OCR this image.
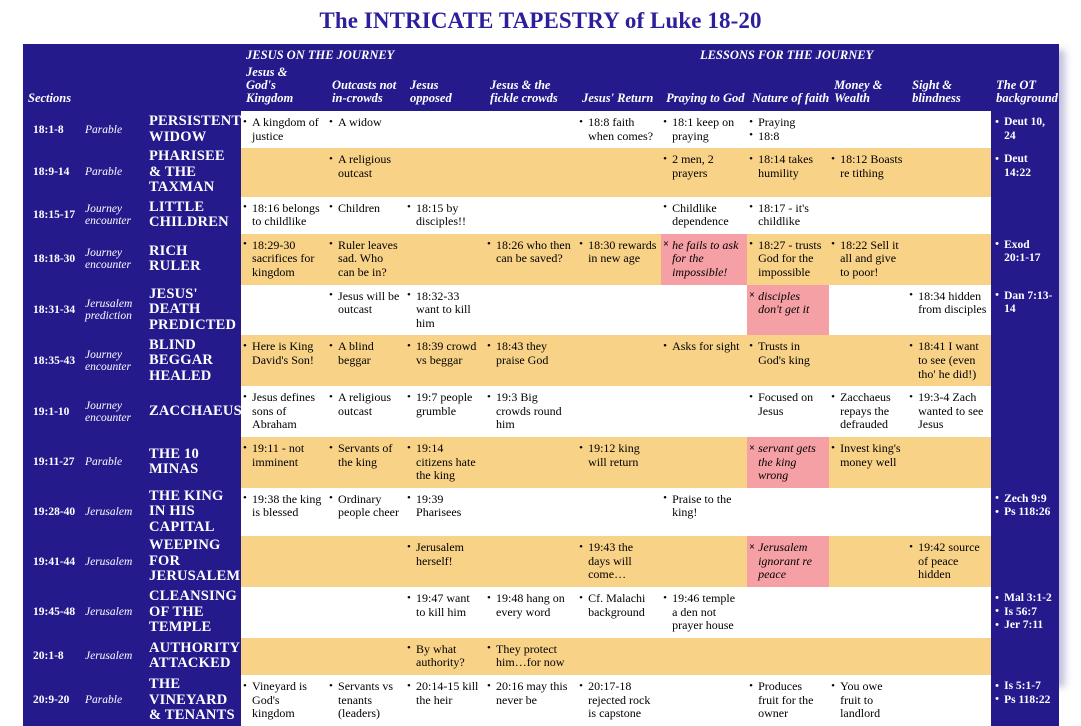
The INTRICATE TAPESTRY of Luke 18-20
			JESUS ON THE JOURNEY				LESSONS FOR THE JOURNEY					
Sections			Jesus &
God's Kingdom	Outcasts not
in-crowds	Jesus
opposed	Jesus & the
fickle crowds	Jesus' Return	Praying to God	Nature of faith	Money &
Wealth	Sight &
blindness	The OT
background
18:1-8	Parable	PERSISTENT WIDOW	• A kingdom of justice	• A widow			• 18:8 faith when comes?	• 18:1 keep on praying	• Praying
• 18:8			• Deut 10, 24

18:9-14	Parable	PHARISEE & THE TAXMAN		• A religious outcast				• 2 men, 2 prayers	• 18:14 takes humility	• 18:12 Boasts re tithing		• Deut 14:22

18:15-17	Journey encounter	LITTLE CHILDREN	• 18:16 belongs to childlike	• Children	• 18:15 by disciples!!			• Childlike dependence	• 18:17 - it's childlike

18:18-30	Journey encounter	RICH RULER	• 18:29-30 sacrifices for kingdom	• Ruler leaves sad. Who can be in?		• 18:26 who then can be saved?	• 18:30 rewards in new age	× he fails to ask for the impossible!	• 18:27 - trusts God for the impossible	• 18:22 Sell it all and give to poor!		• Exod 20:1-17

18:31-34	Jerusalem prediction	JESUS' DEATH PREDICTED		• Jesus will be outcast	• 18:32-33 want to kill him				× disciples don't get it		• 18:34 hidden from disciples	• Dan 7:13-14

18:35-43	Journey encounter	BLIND BEGGAR HEALED	• Here is King David's Son!	• A blind beggar	• 18:39 crowd vs beggar	• 18:43 they praise God		• Asks for sight	• Trusts in God's king		• 18:41 I want to see (even tho' he did!)

19:1-10	Journey encounter	ZACCHAEUS	• Jesus defines sons of Abraham	• A religious outcast	• 19:7 people grumble	• 19:3 Big crowds round him			• Focused on Jesus	• Zacchaeus repays the defrauded	• 19:3-4 Zach wanted to see Jesus

19:11-27	Parable	THE 10 MINAS	• 19:11 - not imminent	• Servants of the king	• 19:14 citizens hate the king		• 19:12 king will return		× servant gets the king wrong	• Invest king's money well

19:28-40	Jerusalem	THE KING IN HIS CAPITAL	• 19:38 the king is blessed	• Ordinary people cheer	• 19:39 Pharisees			• Praise to the king!				• Zech 9:9
• Ps 118:26

19:41-44	Jerusalem	WEEPING FOR JERUSALEM			• Jerusalem herself!		• 19:43 the days will come…		× Jerusalem ignorant re peace		• 19:42 source of peace hidden

19:45-48	Jerusalem	CLEANSING OF THE TEMPLE			• 19:47 want to kill him	• 19:48 hang on every word	• Cf. Malachi background	• 19:46 temple a den not prayer house				• Mal 3:1-2
• Is 56:7
• Jer 7:11

20:1-8	Jerusalem	AUTHORITY ATTACKED			• By what authority?	• They protect him…for now

20:9-20	Parable	THE VINEYARD & TENANTS	• Vineyard is God's kingdom	• Servants vs tenants (leaders)	• 20:14-15 kill the heir	• 20:16 may this never be	• 20:17-18 rejected rock is capstone		• Produces fruit for the owner	• You owe fruit to landlord		• Is 5:1-7
• Ps 118:22
